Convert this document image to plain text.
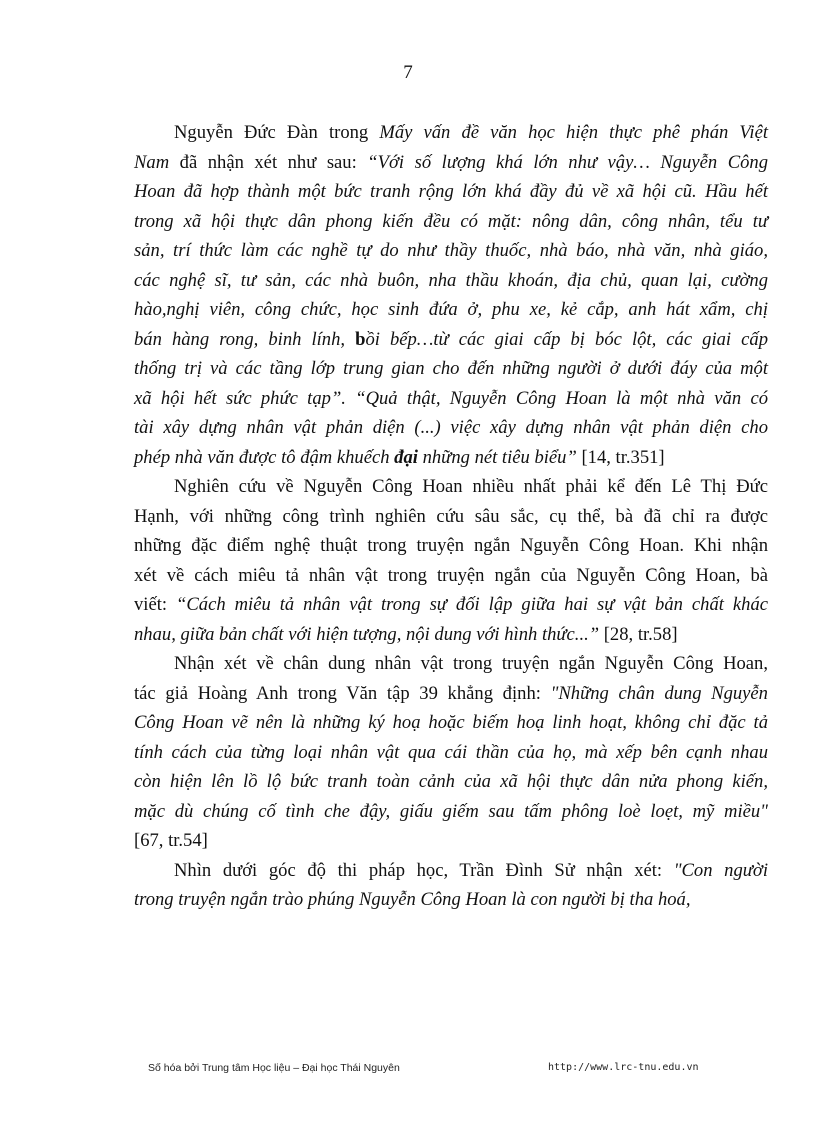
7

Nguyễn Đức Đàn trong Mấy vấn đề văn học hiện thực phê phán Việt
Nam đã nhận xét như sau: “Với số lượng khá lớn như vậy… Nguyễn Công
Hoan đã hợp thành một bức tranh rộng lớn khá đầy đủ về xã hội cũ. Hầu hết
trong xã hội thực dân phong kiến đều có mặt: nông dân, công nhân, tểu tư
sản, trí thức làm các nghề tự do như thầy thuốc, nhà báo, nhà văn, nhà giáo,
các nghệ sĩ, tư sản, các nhà buôn, nha thầu khoán, địa chủ, quan lại, cường
hào,nghị viên, công chức, học sinh đứa ở, phu xe, kẻ cắp, anh hát xẩm, chị
bán hàng rong, binh lính, bồi bếp…từ các giai cấp bị bóc lột, các giai cấp
thống trị và các tầng lớp trung gian cho đến những người ở dưới đáy của một
xã hội hết sức phức tạp”. “Quả thật, Nguyễn Công Hoan là một nhà văn có
tài xây dựng nhân vật phản diện (...) việc xây dựng nhân vật phản diện cho
phép nhà văn được tô đậm khuếch đại những nét tiêu biểu” [14, tr.351]

Nghiên cứu về Nguyễn Công Hoan nhiều nhất phải kể đến Lê Thị Đức
Hạnh, với những công trình nghiên cứu sâu sắc, cụ thể, bà đã chỉ ra được
những đặc điểm nghệ thuật trong truyện ngắn Nguyễn Công Hoan. Khi nhận
xét về cách miêu tả nhân vật trong truyện ngắn của Nguyễn Công Hoan, bà
viết: “Cách miêu tả nhân vật trong sự đối lập giữa hai sự vật bản chất khác
nhau, giữa bản chất với hiện tượng, nội dung với hình thức...” [28, tr.58]

Nhận xét về chân dung nhân vật trong truyện ngắn Nguyễn Công Hoan,
tác giả Hoàng Anh trong Văn tập 39 khẳng định: "Những chân dung Nguyễn
Công Hoan vẽ nên là những ký hoạ hoặc biếm hoạ linh hoạt, không chỉ đặc tả
tính cách của từng loại nhân vật qua cái thần của họ, mà xếp bên cạnh nhau
còn hiện lên lồ lộ bức tranh toàn cảnh của xã hội thực dân nửa phong kiến,
mặc dù chúng cố tình che đậy, giấu giếm sau tấm phông loè loẹt, mỹ miều"
[67, tr.54]

Nhìn dưới góc độ thi pháp học, Trần Đình Sử nhận xét: "Con người
trong truyện ngắn trào phúng Nguyễn Công Hoan là con người bị tha hoá,

Số hóa bởi Trung tâm Học liệu – Đại học Thái Nguyên	http://www.lrc-tnu.edu.vn
